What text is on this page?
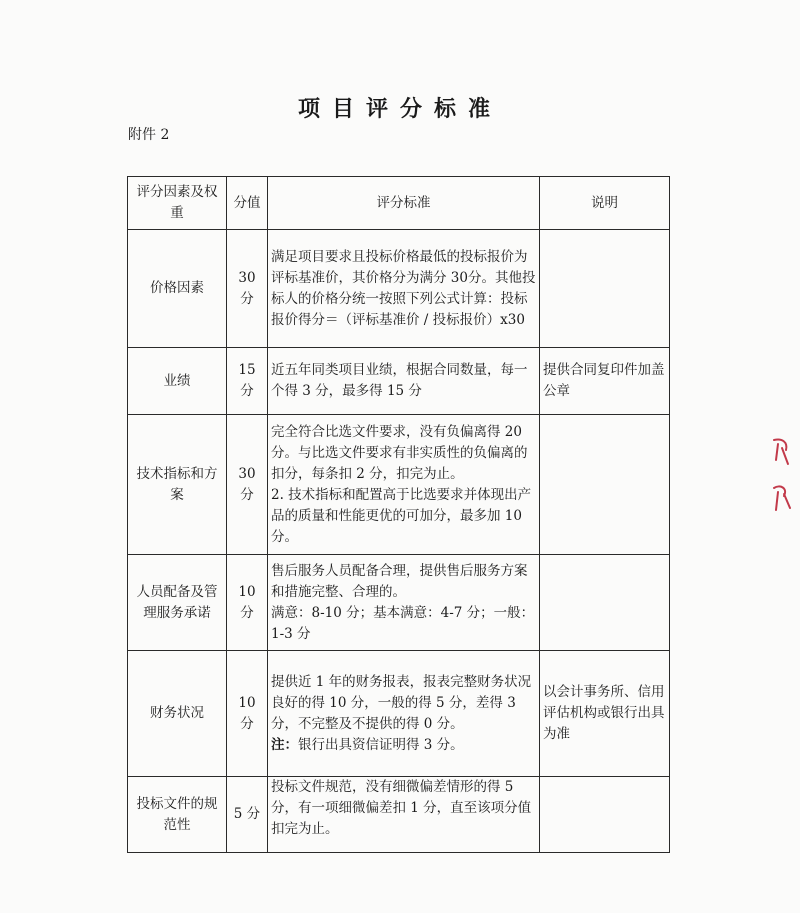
项目评分标准
附件 2
评分因素及权重	分值	评分标准	说明
价格因素	30 分	满足项目要求且投标价格最低的投标报价为评标基准价，其价格分为满分 30分。其他投标人的价格分统一按照下列公式计算：投标报价得分＝（评标基准价 / 投标报价）x30	
业绩	15 分	近五年同类项目业绩，根据合同数量，每一个得 3 分，最多得 15 分	提供合同复印件加盖公章
技术指标和方案	30 分	完全符合比选文件要求，没有负偏离得 20 分。与比选文件要求有非实质性的负偏离的扣分，每条扣 2 分，扣完为止。
2. 技术指标和配置高于比选要求并体现出产品的质量和性能更优的可加分，最多加 10 分。	

人员配备及管理服务承诺	10 分	售后服务人员配备合理，提供售后服务方案和措施完整、合理的。
满意：8-10 分；基本满意：4-7 分；一般：1-3 分	

财务状况	10 分	提供近 1 年的财务报表，报表完整财务状况良好的得 10 分，一般的得 5 分，差得 3 分，不完整及不提供的得 0 分。
注：银行出具资信证明得 3 分。	以会计事务所、信用评估机构或银行出具为准
投标文件的规范性	5 分	投标文件规范，没有细微偏差情形的得 5 分，有一项细微偏差扣 1 分，直至该项分值扣完为止。	
